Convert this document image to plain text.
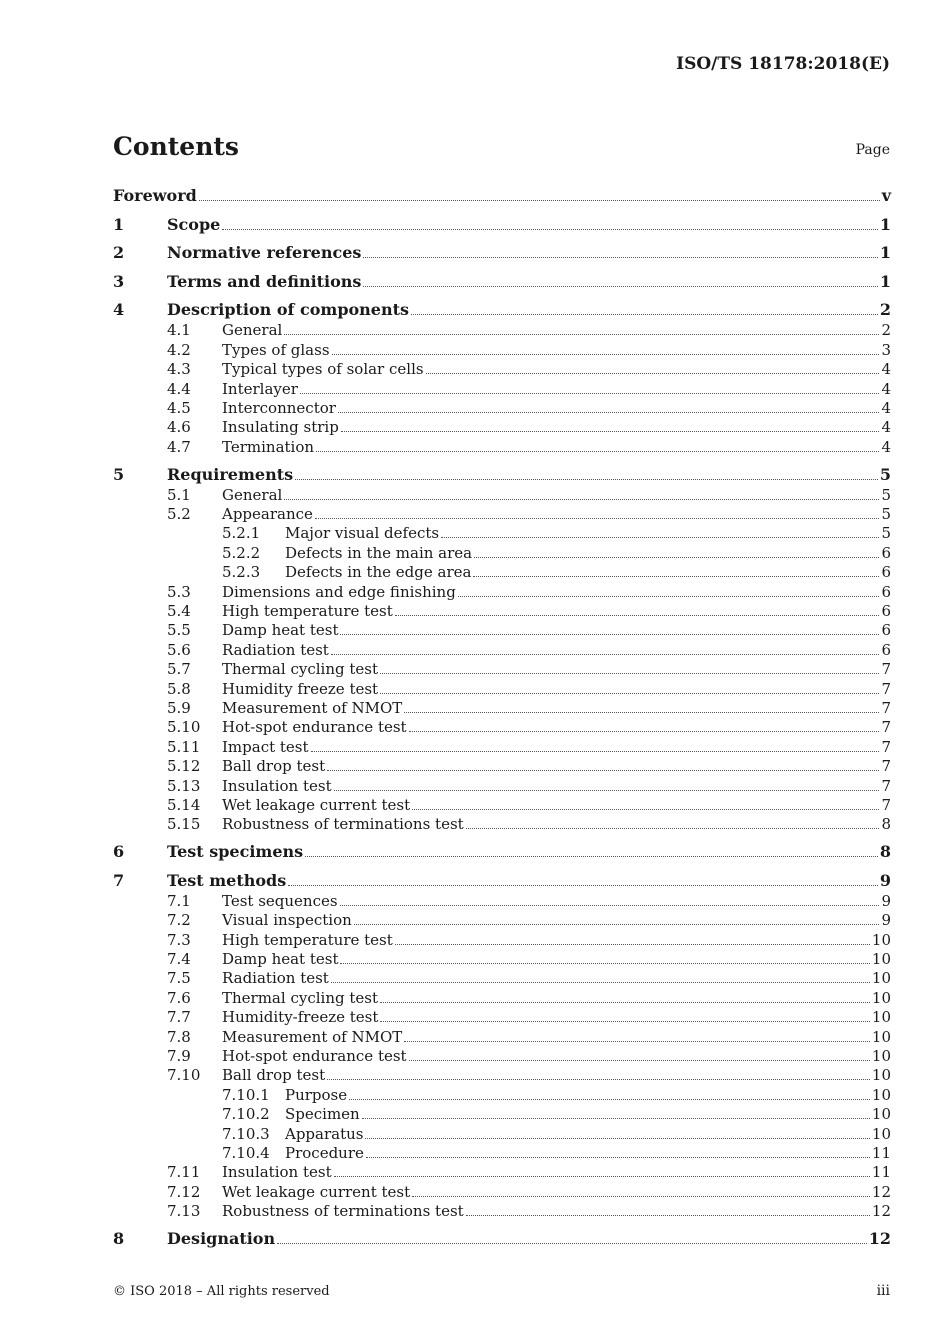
ISO/TS 18178:2018(E)
Contents	Page
Foreword	v
1	Scope	1
2	Normative references	1
3	Terms and definitions	1
4	Description of components	2
4.1 General	2
4.2 Types of glass	3
4.3 Typical types of solar cells	4
4.4 Interlayer	4
4.5 Interconnector	4
4.6 Insulating strip	4
4.7 Termination	4
5	Requirements	5
5.1 General	5
5.2 Appearance	5
5.2.1 Major visual defects	5
5.2.2 Defects in the main area	6
5.2.3 Defects in the edge area	6
5.3 Dimensions and edge finishing	6
5.4 High temperature test	6
5.5 Damp heat test	6
5.6 Radiation test	6
5.7 Thermal cycling test	7
5.8 Humidity freeze test	7
5.9 Measurement of NMOT	7
5.10 Hot-spot endurance test	7
5.11 Impact test	7
5.12 Ball drop test	7
5.13 Insulation test	7
5.14 Wet leakage current test	7
5.15 Robustness of terminations test	8
6	Test specimens	8
7	Test methods	9
7.1 Test sequences	9
7.2 Visual inspection	9
7.3 High temperature test	10
7.4 Damp heat test	10
7.5 Radiation test	10
7.6 Thermal cycling test	10
7.7 Humidity-freeze test	10
7.8 Measurement of NMOT	10
7.9 Hot-spot endurance test	10
7.10 Ball drop test	10
7.10.1 Purpose	10
7.10.2 Specimen	10
7.10.3 Apparatus	10
7.10.4 Procedure	11
7.11 Insulation test	11
7.12 Wet leakage current test	12
7.13 Robustness of terminations test	12
8	Designation	12
© ISO 2018 – All rights reserved	iii
